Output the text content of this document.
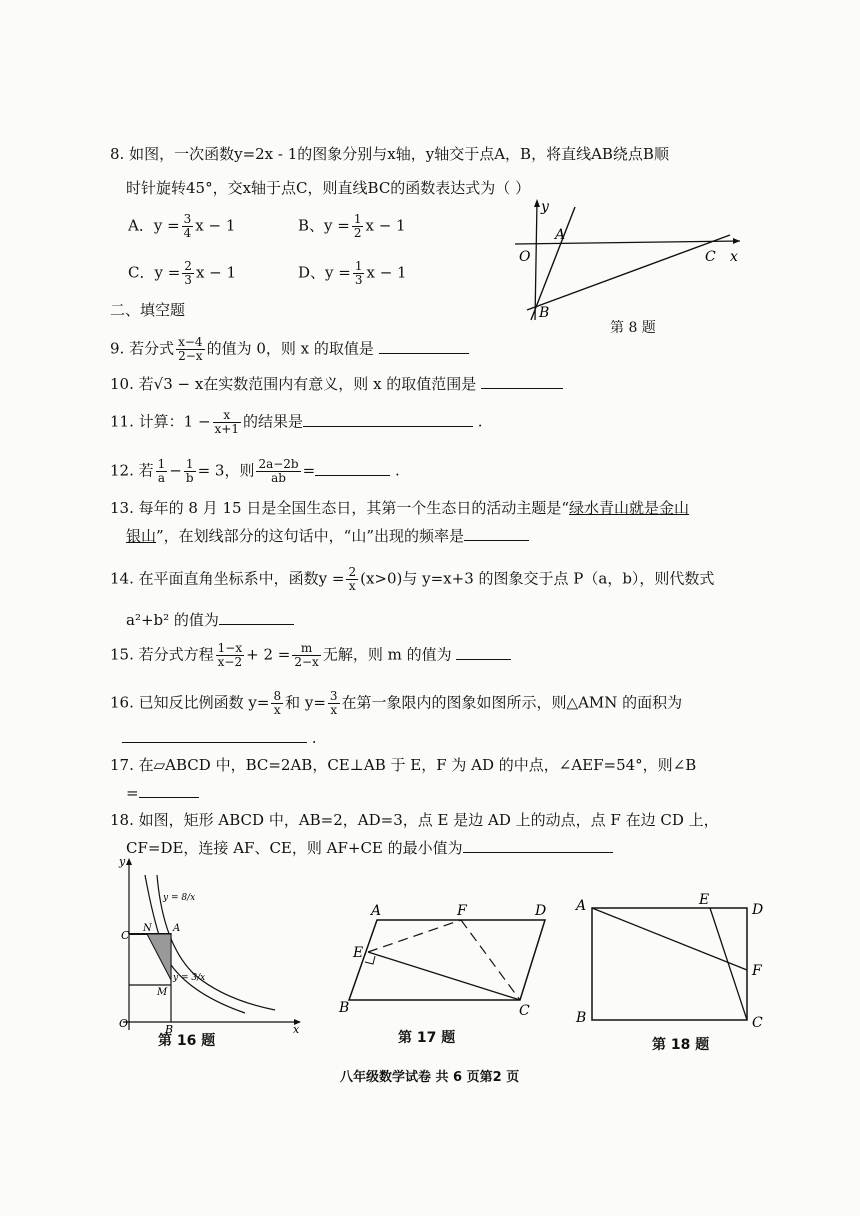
8. 如图，一次函数y=2x - 1的图象分别与x轴，y轴交于点A，B，将直线AB绕点B顺
时针旋转45°，交x轴于点C，则直线BC的函数表达式为（ ）
A．$y = \frac{3}{4}$ x − 1	B、$y = \frac{1}{2}$ x − 1
C．$y = \frac{2}{3}$ x − 1	D、$y = \frac{1}{3}$ x − 1
y
A
O	C x
B
第 8 题
二、填空题
9. 若分式 $\frac{x-4}{2-x}$ 的值为 0，则 x 的取值是
10. 若√3 − x在实数范围内有意义，则 x 的取值范围是
11. 计算：$1 - \frac{x}{x+1}$ 的结果是	.
12. 若 $\frac{1}{a} - \frac{1}{b} = 3$，则 $\frac{2a-2b}{ab}$ =	.
13. 每年的 8 月 15 日是全国生态日，其第一个生态日的活动主题是“绿水青山就是金山
银山”，在划线部分的这句话中，“山”出现的频率是
14. 在平面直角坐标系中，函数$y = \frac{2}{x} (x>0)$与 y=x+3 的图象交于点 P（a，b），则代数式
a²+b² 的值为
15. 若分式方程 $\frac{1-x}{x-2} + 2 = \frac{m}{2-x}$ 无解，则 m 的值为
16. 已知反比例函数 $y= \frac{8}{x}$ 和 $y= \frac{3}{x}$ 在第一象限内的图象如图所示，则△AMN 的面积为
.
17. 在▱ABCD 中，BC=2AB，CE⊥AB 于 E，F 为 AD 的中点，∠AEF=54°，则∠B
=
18. 如图，矩形 ABCD 中，AB=2，AD=3，点 E 是边 AD 上的动点，点 F 在边 CD 上，
CF=DE，连接 AF、CE，则 AF+CE 的最小值为
y
C
N A
M
O	B	x
y = 8/x
y = 3/x
第 16 题
A	F	D
E
B	C
第 17 题
A	E
D
F
B	C
第 18 题
八年级数学试卷 共 6 页第2 页
